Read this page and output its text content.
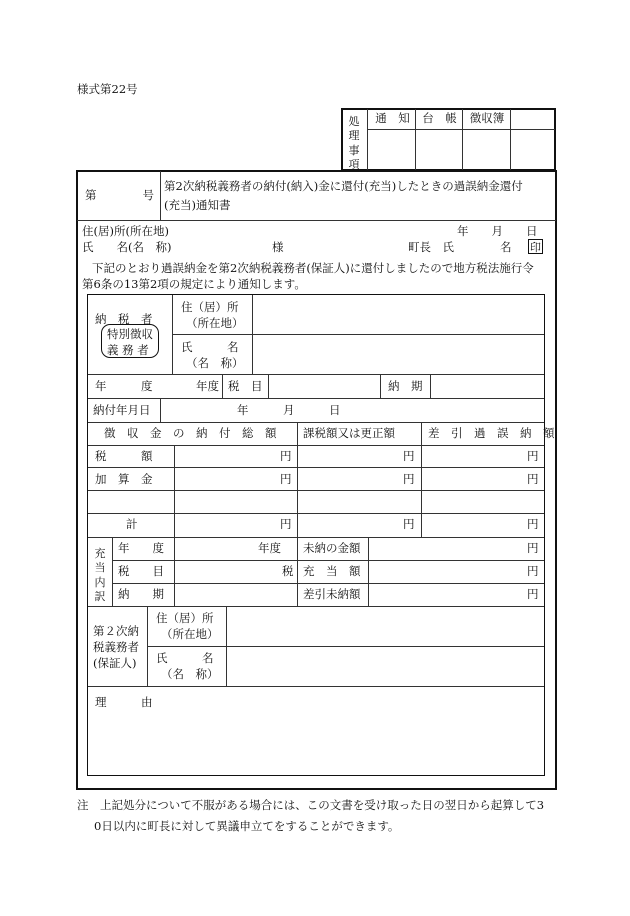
様式第22号
処理事項
通　知	台　帳	徴収簿
第　　　　号
第2次納税義務者の納付(納入)金に還付(充当)したときの過誤納金還付
(充当)通知書
住(居)所(所在地)	年　　月　　日
氏　　名(名　称)	様	町長　氏　　　　名 印
下記のとおり過誤納金を第2次納税義務者(保証人)に還付しましたので地方税法施行令
第6条の13第2項の規定により通知します。
納　税　者
特別徴収
義 務 者
住（居）所
（所在地）
氏　　　名
（名　称）
年　　　度	年度 税　目	納　期
納付年月日	年　　　月　　　日
徴　収　金　の　納　付　総　額 課税額又は更正額	差　引　過　誤　納　額
税　　　額	円	円	円
加　算　金	円	円	円
計	円	円	円
充当内訳
年　　度	年度 未納の金額	円
税　　目	税 充　当　額	円
納　　期	差引未納額	円
第２次納
税義務者
(保証人)
住（居）所
（所在地）
氏　　　名
（名　称）
理　　　由
注　上記処分について不服がある場合には、この文書を受け取った日の翌日から起算して3
0日以内に町長に対して異議申立てをすることができます。
